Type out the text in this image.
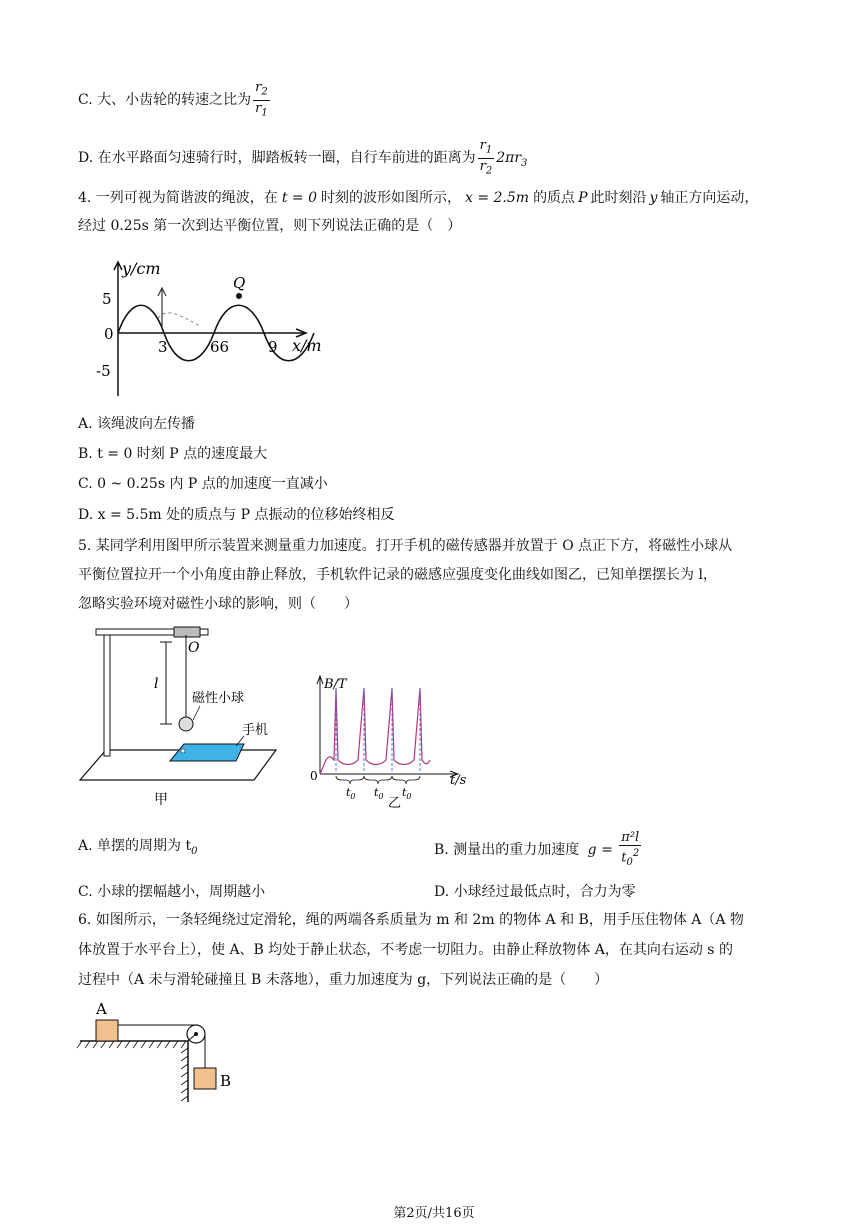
C. 大、小齿轮的转速之比为 $\frac{r_2}{r_1}$
D. 在水平路面匀速骑行时，脚踏板转一圈，自行车前进的距离为 $\frac{r_1}{r_2} 2\pi r_3$
4. 一列可视为简谐波的绳波，在 t = 0 时刻的波形如图所示， x = 2.5m 的质点 P 此时刻沿 y 轴正方向运动，
经过 0.25s 第一次到达平衡位置，则下列说法正确的是（　）
Q
y/cm
x/m
5
0
-5
3	66	9
A. 该绳波向左传播
B. t = 0 时刻 P 点的速度最大
C. 0 ~ 0.25s 内 P 点的加速度一直减小
D. x = 5.5m 处的质点与 P 点振动的位移始终相反
5. 某同学利用图甲所示装置来测量重力加速度。打开手机的磁传感器并放置于 O 点正下方，将磁性小球从
平衡位置拉开一个小角度由静止释放，手机软件记录的磁感应强度变化曲线如图乙，已知单摆摆长为 l，
忽略实验环境对磁性小球的影响，则（　　）
O
l
磁性小球
手机
甲
B/T
t/s
0
$t_0$ $t_0$ $t_0$
乙
A. 单摆的周期为 $t_0$	B. 测量出的重力加速度 $g = \frac{\text{π²l}}{t_0^2}$
C. 小球的摆幅越小，周期越小	D. 小球经过最低点时，合力为零
6. 如图所示，一条轻绳绕过定滑轮，绳的两端各系质量为 m 和 2m 的物体 A 和 B，用手压住物体 A（A 物
体放置于水平台上），使 A、B 均处于静止状态，不考虑一切阻力。由静止释放物体 A，在其向右运动 s 的
过程中（A 未与滑轮碰撞且 B 未落地），重力加速度为 g，下列说法正确的是（　　）
A
B
第2页/共16页
